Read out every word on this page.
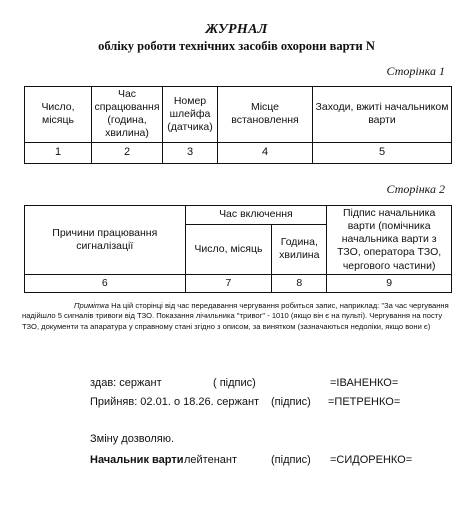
ЖУРНАЛ
обліку роботи технічних засобів охорони варти N
Сторінка 1
Число, місяць	Час спрацювання (година, хвилина)	Номер шлейфа (датчика)	Місце встановлення	Заходи, вжиті начальником варти
1	2	3	4	5
Сторінка 2
Причини працювання сигналізації	Час включення		Підпис начальника варти (помічника начальника варти з ТЗО, оператора ТЗО, чергового частини)
	Число, місяць	Година, хвилина	
6	7	8	9
Примітка На цій сторінці від час передавання чергування робиться запис, наприклад: "За час чергування надійшло 5 сигналів тривоги від ТЗО. Показання лічильника "тривог" - 1010 (якщо він є на пульті). Чергування на посту ТЗО, документи та апаратура у справному стані згідно з описом, за винятком (зазначаються недоліки, якщо вони є)
здав: сержант	( підпис)	=ІВАНЕНКО=
Прийняв: 02.01. о 18.26. сержант (підпис) =ПЕТРЕНКО=
Зміну дозволяю.
Начальник варти лейтенант	(підпис) =СИДОРЕНКО=
